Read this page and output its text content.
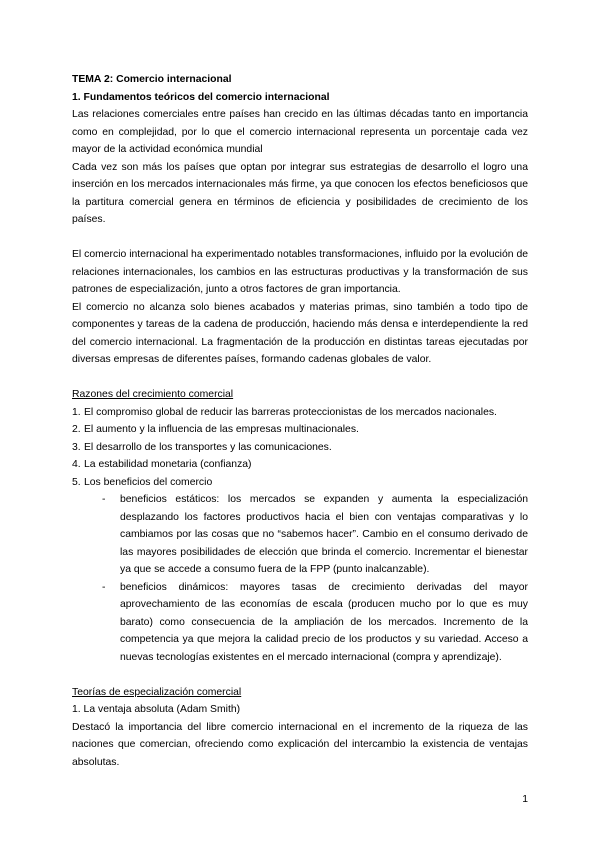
TEMA 2: Comercio internacional

1. Fundamentos teóricos del comercio internacional

Las relaciones comerciales entre países han crecido en las últimas décadas tanto en importancia como en complejidad, por lo que el comercio internacional representa un porcentaje cada vez mayor de la actividad económica mundial

Cada vez son más los países que optan por integrar sus estrategias de desarrollo el logro una inserción en los mercados internacionales más firme, ya que conocen los efectos beneficiosos que la partitura comercial genera en términos de eficiencia y posibilidades de crecimiento de los países.

El comercio internacional ha experimentado notables transformaciones, influido por la evolución de relaciones internacionales, los cambios en las estructuras productivas y la transformación de sus patrones de especialización, junto a otros factores de gran importancia.

El comercio no alcanza solo bienes acabados y materias primas, sino también a todo tipo de componentes y tareas de la cadena de producción, haciendo más densa e interdependiente la red del comercio internacional. La fragmentación de la producción en distintas tareas ejecutadas por diversas empresas de diferentes países, formando cadenas globales de valor.

Razones del crecimiento comercial

1. El compromiso global de reducir las barreras proteccionistas de los mercados nacionales.
2. El aumento y la influencia de las empresas multinacionales.
3. El desarrollo de los transportes y las comunicaciones.
4. La estabilidad monetaria (confianza)
5. Los beneficios del comercio
- beneficios estáticos: los mercados se expanden y aumenta la especialización desplazando los factores productivos hacia el bien con ventajas comparativas y lo cambiamos por las cosas que no “sabemos hacer”. Cambio en el consumo derivado de las mayores posibilidades de elección que brinda el comercio. Incrementar el bienestar ya que se accede a consumo fuera de la FPP (punto inalcanzable).
- beneficios dinámicos: mayores tasas de crecimiento derivadas del mayor aprovechamiento de las economías de escala (producen mucho por lo que es muy barato) como consecuencia de la ampliación de los mercados. Incremento de la competencia ya que mejora la calidad precio de los productos y su variedad. Acceso a nuevas tecnologías existentes en el mercado internacional (compra y aprendizaje).

Teorías de especialización comercial

1. La ventaja absoluta (Adam Smith)

Destacó la importancia del libre comercio internacional en el incremento de la riqueza de las naciones que comercian, ofreciendo como explicación del intercambio la existencia de ventajas absolutas.

1
